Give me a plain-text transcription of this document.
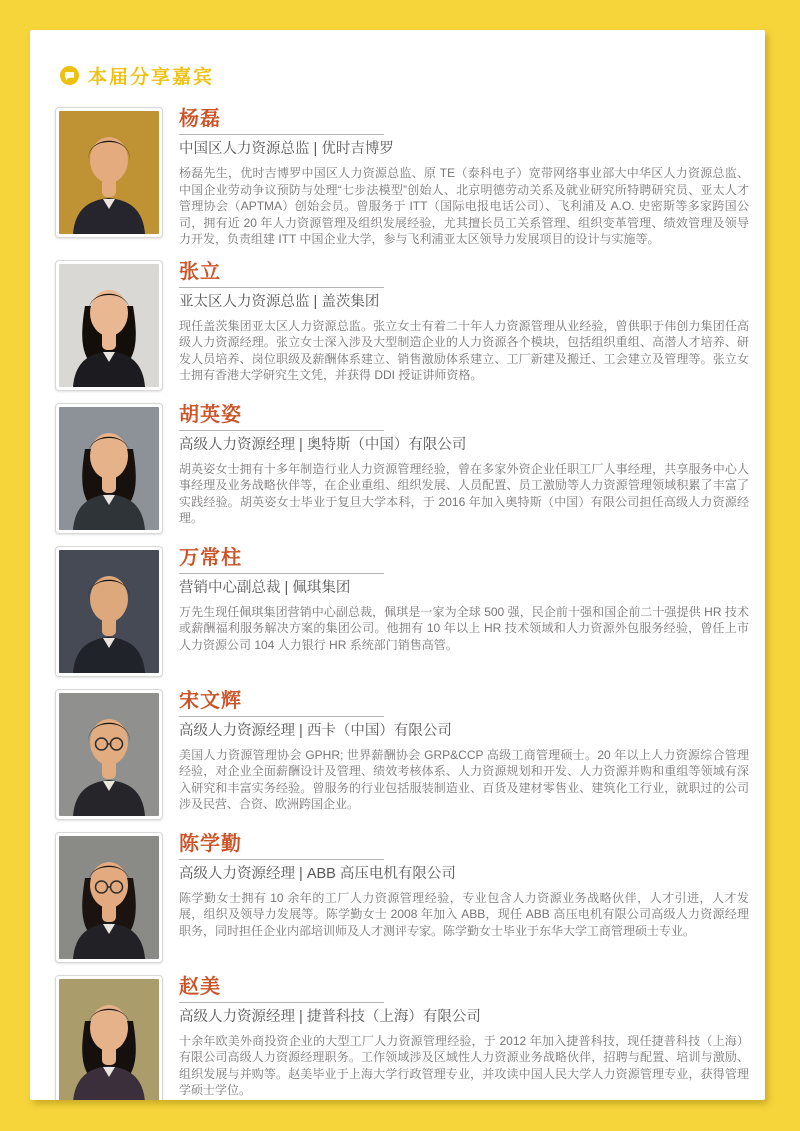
本届分享嘉宾
杨磊
中国区人力资源总监 | 优时吉博罗

杨磊先生，优时吉博罗中国区人力资源总监、原 TE（泰科电子）宽带网络事业部大中华区人力资源总监、中国企业劳动争议预防与处理“七步法模型”创始人、北京明德劳动关系及就业研究所特聘研究员、亚太人才管理协会（APTMA）创始会员。曾服务于 ITT（国际电报电话公司）、飞利浦及 A.O. 史密斯等多家跨国公司，拥有近 20 年人力资源管理及组织发展经验，尤其擅长员工关系管理、组织变革管理、绩效管理及领导力开发，负责组建 ITT 中国企业大学，参与飞利浦亚太区领导力发展项目的设计与实施等。

张立
亚太区人力资源总监 | 盖茨集团

现任盖茨集团亚太区人力资源总监。张立女士有着二十年人力资源管理从业经验，曾供职于伟创力集团任高级人力资源经理。张立女士深入涉及大型制造企业的人力资源各个模块，包括组织重组、高潜人才培养、研发人员培养、岗位职级及薪酬体系建立、销售激励体系建立、工厂新建及搬迁、工会建立及管理等。张立女士拥有香港大学研究生文凭，并获得 DDI 授证讲师资格。

胡英姿
高级人力资源经理 | 奥特斯（中国）有限公司

胡英姿女士拥有十多年制造行业人力资源管理经验，曾在多家外资企业任职工厂人事经理，共享服务中心人事经理及业务战略伙伴等，在企业重组、组织发展、人员配置、员工激励等人力资源管理领域积累了丰富了实践经验。胡英姿女士毕业于复旦大学本科，于 2016 年加入奥特斯（中国）有限公司担任高级人力资源经理。

万常柱
营销中心副总裁 | 佩琪集团

万先生现任佩琪集团营销中心副总裁，佩琪是一家为全球 500 强，民企前十强和国企前二十强提供 HR 技术或薪酬福利服务解决方案的集团公司。他拥有 10 年以上 HR 技术领域和人力资源外包服务经验，曾任上市人力资源公司 104 人力银行 HR 系统部门销售高管。

宋文辉
高级人力资源经理 | 西卡（中国）有限公司

美国人力资源管理协会 GPHR; 世界薪酬协会 GRP&CCP 高级工商管理硕士。20 年以上人力资源综合管理经验，对企业全面薪酬设计及管理、绩效考核体系、人力资源规划和开发、人力资源并购和重组等领域有深入研究和丰富实务经验。曾服务的行业包括服装制造业、百货及建材零售业、建筑化工行业，就职过的公司涉及民营、合资、欧洲跨国企业。

陈学勤
高级人力资源经理 | ABB 高压电机有限公司

陈学勤女士拥有 10 余年的工厂人力资源管理经验，专业包含人力资源业务战略伙伴，人才引进，人才发展，组织及领导力发展等。陈学勤女士 2008 年加入 ABB，现任 ABB 高压电机有限公司高级人力资源经理职务，同时担任企业内部培训师及人才测评专家。陈学勤女士毕业于东华大学工商管理硕士专业。

赵美
高级人力资源经理 | 捷普科技（上海）有限公司

十余年欧美外商投资企业的大型工厂人力资源管理经验，于 2012 年加入捷普科技，现任捷普科技（上海）有限公司高级人力资源经理职务。工作领域涉及区域性人力资源业务战略伙伴，招聘与配置、培训与激励、组织发展与并购等。赵美毕业于上海大学行政管理专业，并攻读中国人民大学人力资源管理专业，获得管理学硕士学位。
